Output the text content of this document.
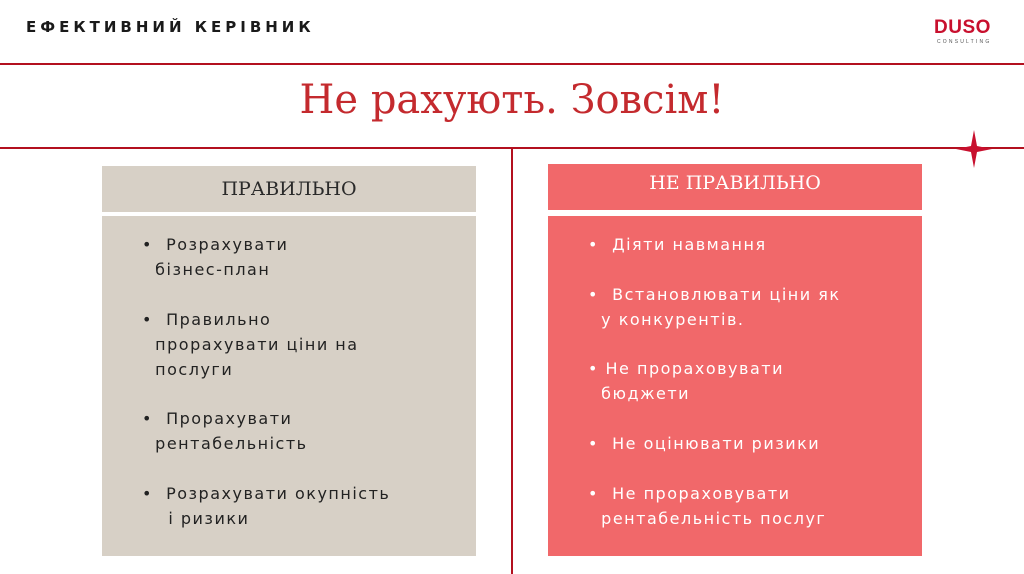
ЕФЕКТИВНИЙ КЕРІВНИК	DUSO
CONSULTING
Не рахують. Зовсім!
ПРАВИЛЬНО	НЕ ПРАВИЛЬНО
•  Розрахувати
бізнес-план
•  Правильно
прорахувати ціни на
послуги
•  Прорахувати
рентабельність
•  Розрахувати окупність
і ризики
•  Діяти навмання
•  Встановлювати ціни як
у конкурентів.
• Не прораховувати
бюджети
•  Не оцінювати ризики
•  Не прораховувати
рентабельність послуг
